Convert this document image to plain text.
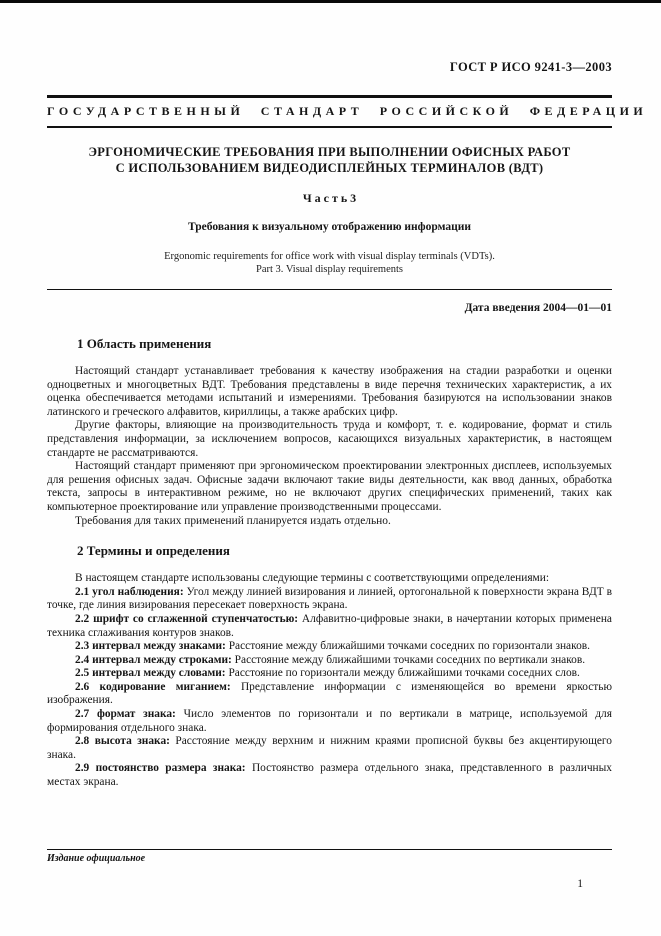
ГОСТ Р ИСО 9241-3—2003
ГОСУДАРСТВЕННЫЙ СТАНДАРТ РОССИЙСКОЙ ФЕДЕРАЦИИ
ЭРГОНОМИЧЕСКИЕ ТРЕБОВАНИЯ ПРИ ВЫПОЛНЕНИИ ОФИСНЫХ РАБОТ
С ИСПОЛЬЗОВАНИЕМ ВИДЕОДИСПЛЕЙНЫХ ТЕРМИНАЛОВ (ВДТ)
Ч а с т ь 3
Требования к визуальному отображению информации
Ergonomic requirements for office work with visual display terminals (VDTs).
Part 3. Visual display requirements
Дата введения 2004—01—01
1 Область применения

Настоящий стандарт устанавливает требования к качеству изображения на стадии разработки и оценки одноцветных и многоцветных ВДТ. Требования представлены в виде перечня технических характеристик, а их оценка обеспечивается методами испытаний и измерениями. Требования базируются на использовании знаков латинского и греческого алфавитов, кириллицы, а также арабских цифр.

Другие факторы, влияющие на производительность труда и комфорт, т. е. кодирование, формат и стиль представления информации, за исключением вопросов, касающихся визуальных характеристик, в настоящем стандарте не рассматриваются.

Настоящий стандарт применяют при эргономическом проектировании электронных дисплеев, используемых для решения офисных задач. Офисные задачи включают такие виды деятельности, как ввод данных, обработка текста, запросы в интерактивном режиме, но не включают других специфических применений, таких как компьютерное проектирование или управление производственными процессами.

Требования для таких применений планируется издать отдельно.

2 Термины и определения

В настоящем стандарте использованы следующие термины с соответствующими определениями:

2.1 угол наблюдения: Угол между линией визирования и линией, ортогональной к поверхности экрана ВДТ в точке, где линия визирования пересекает поверхность экрана.

2.2 шрифт со сглаженной ступенчатостью: Алфавитно-цифровые знаки, в начертании которых применена техника сглаживания контуров знаков.

2.3 интервал между знаками: Расстояние между ближайшими точками соседних по горизонтали знаков.

2.4 интервал между строками: Расстояние между ближайшими точками соседних по вертикали знаков.

2.5 интервал между словами: Расстояние по горизонтали между ближайшими точками соседних слов.

2.6 кодирование миганием: Представление информации с изменяющейся во времени яркостью изображения.

2.7 формат знака: Число элементов по горизонтали и по вертикали в матрице, используемой для формирования отдельного знака.

2.8 высота знака: Расстояние между верхним и нижним краями прописной буквы без акцентирующего знака.

2.9 постоянство размера знака: Постоянство размера отдельного знака, представленного в различных местах экрана.

Издание официальное
1
